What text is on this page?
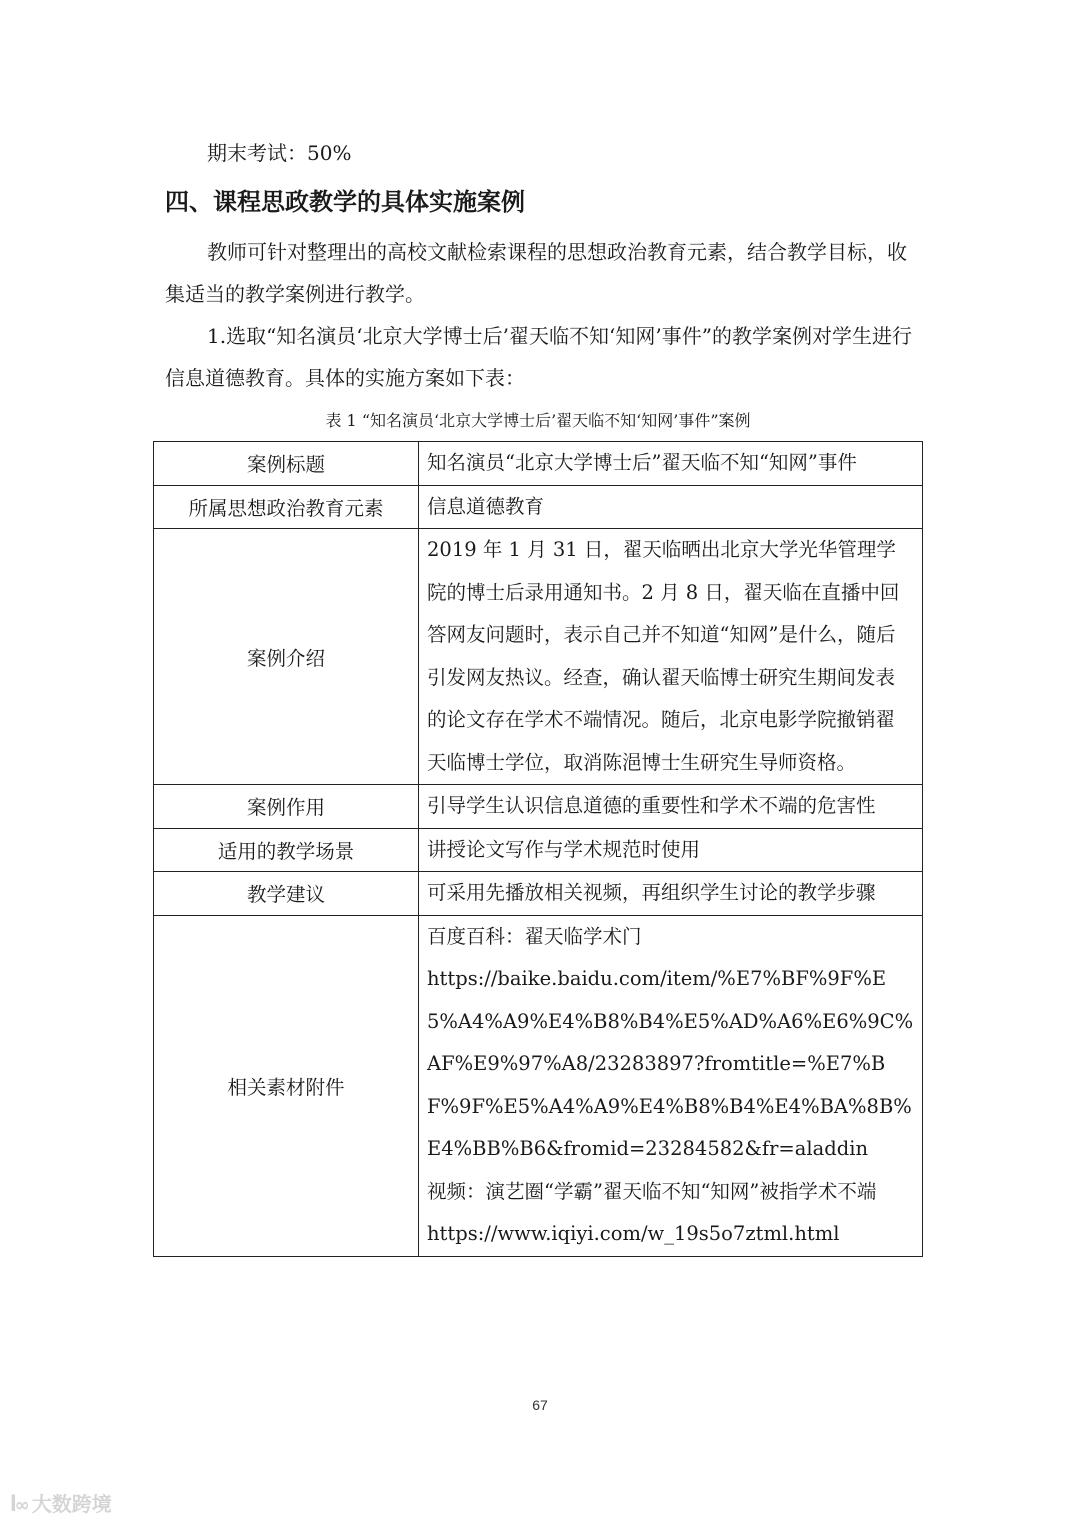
期末考试：50%
四、课程思政教学的具体实施案例
教师可针对整理出的高校文献检索课程的思想政治教育元素，结合教学目标，收集适当的教学案例进行教学。
1.选取“知名演员‘北京大学博士后’翟天临不知‘知网’事件”的教学案例对学生进行信息道德教育。具体的实施方案如下表：
表 1 “知名演员‘北京大学博士后’翟天临不知‘知网’事件”案例
案例标题	知名演员“北京大学博士后”翟天临不知“知网”事件

所属思想政治教育元素	信息道德教育

案例介绍	2019 年 1 月 31 日，翟天临晒出北京大学光华管理学院的博士后录用通知书。2 月 8 日，翟天临在直播中回答网友问题时，表示自己并不知道“知网”是什么，随后引发网友热议。经查，确认翟天临博士研究生期间发表的论文存在学术不端情况。随后，北京电影学院撤销翟天临博士学位，取消陈浥博士生研究生导师资格。

案例作用	引导学生认识信息道德的重要性和学术不端的危害性

适用的教学场景	讲授论文写作与学术规范时使用

教学建议	可采用先播放相关视频，再组织学生讨论的教学步骤

相关素材附件	百度百科：翟天临学术门
https://baike.baidu.com/item/%E7%BF%9F%E5%A4%A9%E4%B8%B4%E5%AD%A6%E6%9C%AF%E9%97%A8/23283897?fromtitle=%E7%BF%9F%E5%A4%A9%E4%B8%B4%E4%BA%8B%E4%BB%B6&fromid=23284582&fr=aladdin
视频：演艺圈“学霸”翟天临不知“知网”被指学术不端
https://www.iqiyi.com/w_19s5o7ztml.html
67
ꟾ∞ 大数跨境
